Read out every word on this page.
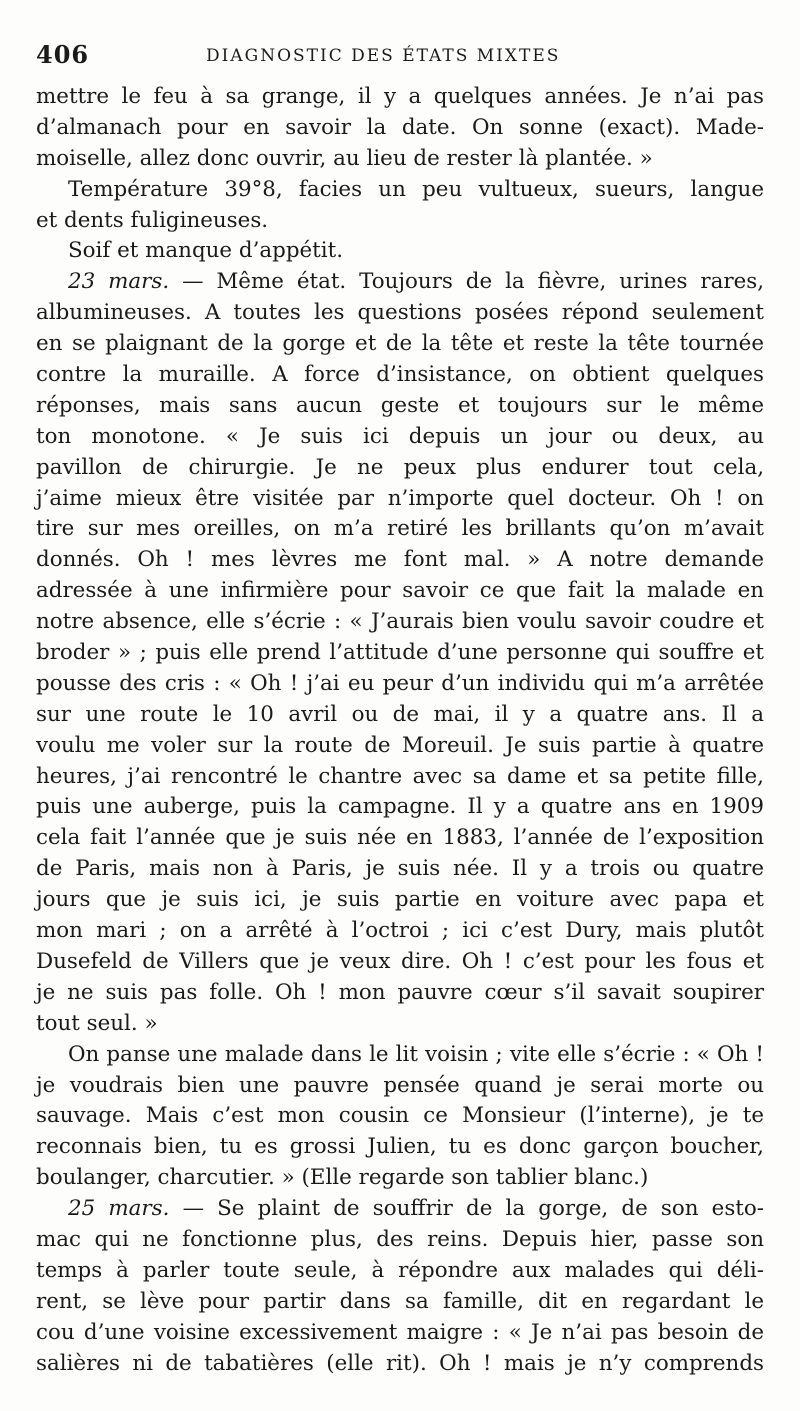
406	DIAGNOSTIC DES ÉTATS MIXTES
mettre le feu à sa grange, il y a quelques années. Je n’ai pas
d’almanach pour en savoir la date. On sonne (exact). Made-
moiselle, allez donc ouvrir, au lieu de rester là plantée. »
Température 39°8, facies un peu vultueux, sueurs, langue
et dents fuligineuses.
Soif et manque d’appétit.
23 mars. — Même état. Toujours de la fièvre, urines rares,
albumineuses. A toutes les questions posées répond seulement
en se plaignant de la gorge et de la tête et reste la tête tournée
contre la muraille. A force d’insistance, on obtient quelques
réponses, mais sans aucun geste et toujours sur le même
ton monotone. « Je suis ici depuis un jour ou deux, au
pavillon de chirurgie. Je ne peux plus endurer tout cela,
j’aime mieux être visitée par n’importe quel docteur. Oh ! on
tire sur mes oreilles, on m’a retiré les brillants qu’on m’avait
donnés. Oh ! mes lèvres me font mal. » A notre demande
adressée à une infirmière pour savoir ce que fait la malade en
notre absence, elle s’écrie : « J’aurais bien voulu savoir coudre et
broder » ; puis elle prend l’attitude d’une personne qui souffre et
pousse des cris : « Oh ! j’ai eu peur d’un individu qui m’a arrêtée
sur une route le 10 avril ou de mai, il y a quatre ans. Il a
voulu me voler sur la route de Moreuil. Je suis partie à quatre
heures, j’ai rencontré le chantre avec sa dame et sa petite fille,
puis une auberge, puis la campagne. Il y a quatre ans en 1909
cela fait l’année que je suis née en 1883, l’année de l’exposition
de Paris, mais non à Paris, je suis née. Il y a trois ou quatre
jours que je suis ici, je suis partie en voiture avec papa et
mon mari ; on a arrêté à l’octroi ; ici c’est Dury, mais plutôt
Dusefeld de Villers que je veux dire. Oh ! c’est pour les fous et
je ne suis pas folle. Oh ! mon pauvre cœur s’il savait soupirer
tout seul. »
On panse une malade dans le lit voisin ; vite elle s’écrie : « Oh !
je voudrais bien une pauvre pensée quand je serai morte ou
sauvage. Mais c’est mon cousin ce Monsieur (l’interne), je te
reconnais bien, tu es grossi Julien, tu es donc garçon boucher,
boulanger, charcutier. » (Elle regarde son tablier blanc.)
25 mars. — Se plaint de souffrir de la gorge, de son esto-
mac qui ne fonctionne plus, des reins. Depuis hier, passe son
temps à parler toute seule, à répondre aux malades qui déli-
rent, se lève pour partir dans sa famille, dit en regardant le
cou d’une voisine excessivement maigre : « Je n’ai pas besoin de
salières ni de tabatières (elle rit). Oh ! mais je n’y comprends
